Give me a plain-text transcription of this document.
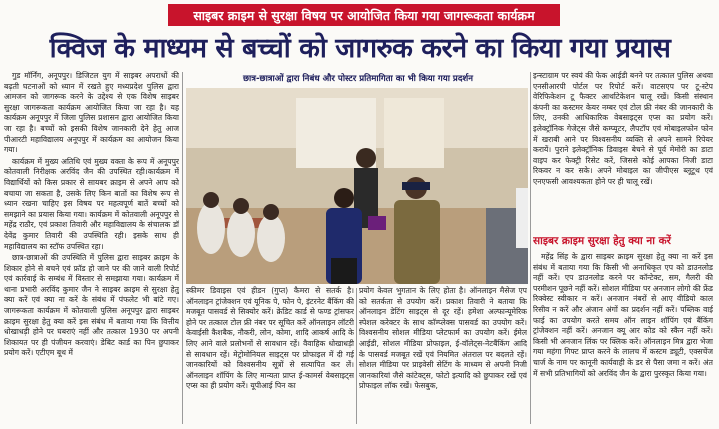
साइबर क्राइम से सुरक्षा विषय पर आयोजित किया गया जागरूकता कार्यक्रम
क्विज के माध्यम से बच्चों को जागरुक करने का किया गया प्रयास

गुड मॉर्निंग, अनूपपुर। डिजिटल युग में साइबर अपराधों की बढ़ती घटनाओं को ध्यान में रखते हुए मध्यप्रदेश पुलिस द्वारा आमजन को जागरूक करने के उद्देश्य से एक विशेष साइबर सुरक्षा जागरूकता कार्यक्रम आयोजित किया जा रहा है। यह कार्यक्रम अनूपपुर में जिला पुलिस प्रशासन द्वारा आयोजित किया जा रहा है। बच्चों को इसकी विशेष जानकारी देने हेतु आज पीआरटी महाविद्यालय अनूपपुर में कार्यक्रम का आयोजन किया गया।

कार्यक्रम में मुख्य अतिथि एवं मुख्य वक्ता के रूप में अनूपपुर कोतवाली निरीक्षक अरविंद जैन की उपस्थित रही।कार्यक्रम में विद्यार्थियों को किस प्रकार से सायबर क्राइम से अपने आप को बचाया जा सकता है, उसके लिए किन बातों का विशेष रूप से ध्यान रखना चाहिए इस विषय पर महत्वपूर्ण बातें बच्चों को समझाने का प्रयास किया गया। कार्यक्रम में कोतवाली अनूपपुर से महेंद्र राठौर, एवं प्रकाश तिवारी और महाविद्यालय के संचालक डॉ देवेंद्र कुमार तिवारी की उपस्थिति रही। इसके साथ ही महाविद्यालय का स्टॉफ उपस्थित रहा।

छात्र-छात्राओं की उपस्थिति में पुलिस द्वारा साइबर क्राइम के शिकार होने से बचने एवं फ्रॉड हो जाने पर की जाने वाली रिपोर्ट एवं कार्रवाई के सम्बंध में विस्तार से समझाया गया। कार्यक्रम में थाना प्रभारी अरविंद कुमार जैन ने साइबर क्राइम से सुरक्षा हेतु क्या करें एवं क्या ना करें के संबंध में पंफलेट भी बांटे गए। जागरूकता कार्यक्रम में कोतवाली पुलिस अनूपपुर द्वारा साइबर क्राइम सुरक्षा हेतु क्या करें इस संबंध में बताया गया कि वित्तीय धोखाधड़ी होने पर घबराएं नहीं और तत्काल 1930 पर अपनी शिकायत पर ही पंजीयन करवाएं। डेबिट कार्ड का पिन छुपाकर प्रयोग करें। एटीएम बूथ में

छात्र-छात्राओं द्वारा निबंध और पोस्टर प्रतिमागिता का भी किया गया प्रदर्शन

स्कीमर डिवाइस एवं हीडन (गुप्त) कैमरा से सतर्क है। ऑनलाइन ट्रांजेक्शन एवं यूनिक पे, फोन पे, इंटरनेट बैंकिंग की मजबूत पासवर्ड से सिक्योर करें। क्रेडिट कार्ड से फण्ड ट्रांसफर होने पर तत्काल टोल फ्री नंबर पर सूचित करें ऑनलाइन लॉटरी केवाईसी कैशबैक, नौकरी, लोन, कोमा, शादि आकर्ष आदि के लिए आने वाले प्रलोभनों से सावधान रहें। वैवाहिक धोखाधड़ी से सावधान रहें। मेट्रोमोनियल साइट्स पर प्रोफाइल में दी गई जानकारियों को विश्वसनीय सूत्रों से सत्यापित कर लें। ऑनलाइन शॉपिंग के लिए मान्यता प्राप्त ई-कामर्स वेबसाइट्स एप्स का ही प्रयोग करें। यूपीआई पिन का

प्रयोग केवल भुगतान के लिए होता है। ऑनलाइन मैसेज एप को सतर्कता से उपयोग करें। प्रकाश तिवारी ने बताया कि ऑनलाइन डेटिंग साइट्स से दूर रहें। हमेशा अल्फान्यूमेरिक स्पेशल करेक्टर के साथ कॉम्प्लेक्स पासवर्ड का उपयोग करें। विश्वसनीय सोशल मीडिया प्लेटफार्म का उपयोग करें। ईमेल आईडी, सोशल मीडिया प्रोफाइल, ई-वॉलेट्स-नेटबैंकिंग आदि के पासवर्ड मजबूत रखें एवं नियमित अंतराल पर बदलते रहें। सोशल मीडिया पर प्राइवेसी सेटिंग के माध्यम से अपनी निजी जानकारियां जैसे कांटेक्ट्स, फोटो इत्यादि को छुपाकर रखें एवं प्रोफाइल लॉक रखें। फेसबुक,

इन्स्टाग्राम पर स्वयं की फेक आईडी बनने पर तत्काल पुलिस अथवा एनसीआरपी पोर्टल पर रिपोर्ट करें। वाटसएप पर टू-स्टेप वेरिफिकेशन टू फैक्टर आर्थाटेकेशन चालू रखें। किसी संस्थान कंपनी का कस्टमर केयर नम्बर एवं टोल फ्री नंबर की जानकारी के लिए, उनकी आधिकारिक वेबसाइट्स एप्स का प्रयोग करें। इलेक्ट्रॉनिक गेजेट्स जैसे कम्प्यूटर, लैपटॉप एवं मोबाइलफोन फोन में खराबी आने पर विश्वसनीय व्यक्ति से अपने सामने रिपेयर करायें। पुराने इलेक्ट्रॉनिक डिवाइस बेचने से पूर्व मेमोरी का डाटा वाइप कर फेक्ट्री रिसेट करें, जिससे कोई आपका निजी डाटा रिकवर न कर सके। अपने मोबाइल का जीपीएस ब्लूटूथ एवं एनएफसी आवश्यकता होने पर ही चालू रखें।

साइबर क्राइम सुरक्षा हेतु क्या ना करें

महेंद्र सिंह के द्वारा साइबर क्राइम सुरक्षा हेतु क्या ना करें इस संबंध में बताया गया कि किसी भी अनाधिकृत एप को डाउनलोड नहीं करें। एप डाउनलोड करने पर कॉन्टेक्ट, सम, गैलरी की परमीशन पूछने नहीं करें। सोशल मीडिया पर अनजान लोगो की फ्रेंड रिक्वेस्ट स्वीकार न करें। अनजान नंबरों से आए वीडियो काल रिसीव न करें और अंजान अंगों का प्रदर्शन नहीं करें। पब्लिक वाई फाई का उपयोग करते समय ऑन लाइन शॉपिंग एवं बैंकिंग ट्रांजेक्शन नहीं करें। अनजान क्यू आर कोड को स्कैन नहीं करें। किसी भी अनजान लिंक पर क्लिक करें। ऑनलाइन मित्र द्वारा भेजा गया महंगा गिफ्ट प्राप्त करने के लालच में कस्टम ड्यूटी, एक्सचेंज चार्ज के नाम पर कानूनी कार्यवाही के डर से पैसा जमा न करें। अंत में सभी प्रतिभागियों को अरविंद जैन के द्वारा पुरस्कृत किया गया।
